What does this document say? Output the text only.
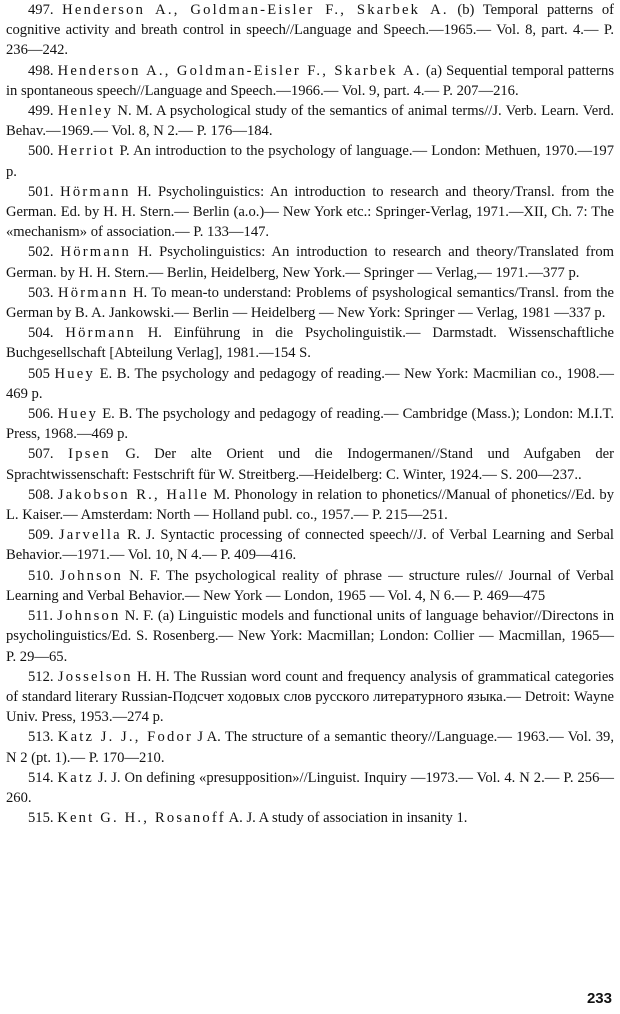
497. Henderson A., Goldman-Eisler F., Skarbek A. (b) Temporal patterns of cognitive activity and breath control in speech//Language and Speech.—1965.— Vol. 8, part. 4.— P. 236—242.

498. Henderson A., Goldman-Eisler F., Skarbek A. (a) Sequential temporal patterns in spontaneous speech//Language and Speech.—1966.— Vol. 9, part. 4.— P. 207—216.

499. Henley N. M. A psychological study of the semantics of animal terms//J. Verb. Learn. Verd. Behav.—1969.— Vol. 8, N 2.— P. 176—184.

500. Herriot P. An introduction to the psychology of language.— London: Methuen, 1970.—197 p.

501. Hörmann H. Psycholinguistics: An introduction to research and theory/Transl. from the German. Ed. by H. H. Stern.— Berlin (a.o.)— New York etc.: Springer-Verlag, 1971.—XII, Ch. 7: The «mechanism» of association.— P. 133—147.

502. Hörmann H. Psycholinguistics: An introduction to research and theory/Translated from German. by H. H. Stern.— Berlin, Heidelberg, New York.— Springer — Verlag,— 1971.—377 p.

503. Hörmann H. To mean-to understand: Problems of psysholоgical semantics/Transl. from the German by B. A. Jankowski.— Berlin — Heidelberg — New York: Springer — Verlag, 1981 —337 p.

504. Hörmann H. Einführung in die Psycholinguistik.— Darmstadt. Wissenschaftliche Buchgesellschaft [Abteilung Verlag], 1981.—154 S.

505 Huey E. B. The psychology and pedagogy of reading.— New York: Macmilian co., 1908.—469 p.

506. Huey E. B. The psychology and pedagogy of reading.— Cambridge (Mass.); London: M.I.T. Press, 1968.—469 p.

507. Ipsen G. Der alte Orient und die Indogermanen//Stand und Aufgaben der Sprachtwissenschaft: Festschrift für W. Streitberg.—Heidelberg: C. Winter, 1924.— S. 200—237..

508. Jakobson R., Halle M. Phonology in relation to phonetics//Manual of phonetics//Ed. by L. Kaiser.— Amsterdam: North — Holland publ. co., 1957.— P. 215—251.

509. Jarvella R. J. Syntactic processing of connected speech//J. of Verbal Learning and Serbal Behavior.—1971.— Vol. 10, N 4.— P. 409—416.

510. Johnson N. F. The psychological reality of phrase — structure rules// Journal of Verbal Learning and Verbal Behavior.— New York — London, 1965 — Vol. 4, N 6.— P. 469—475

511. Johnson N. F. (a) Linguistic models and functional units of language behavior//Directons in psycholinguistics/Ed. S. Rosenberg.— New York: Macmillan; London: Collier — Macmillan, 1965— P. 29—65.

512. Josselson H. H. The Russian word count and frequency analysis of grammatical categories of standard literary Russian-Подсчет ходовых слов русского литературного языка.— Detroit: Wayne Univ. Press, 1953.—274 p.

513. Katz J. J., Fodor J A. The structure of a semantic theory//Language.— 1963.— Vol. 39, N 2 (pt. 1).— P. 170—210.

514. Katz J. J. On defining «presupposition»//Linguist. Inquiry —1973.— Vol. 4. N 2.— P. 256—260.

515. Kent G. H., Rosanoff A. J. A study of association in insanity 1.

233
